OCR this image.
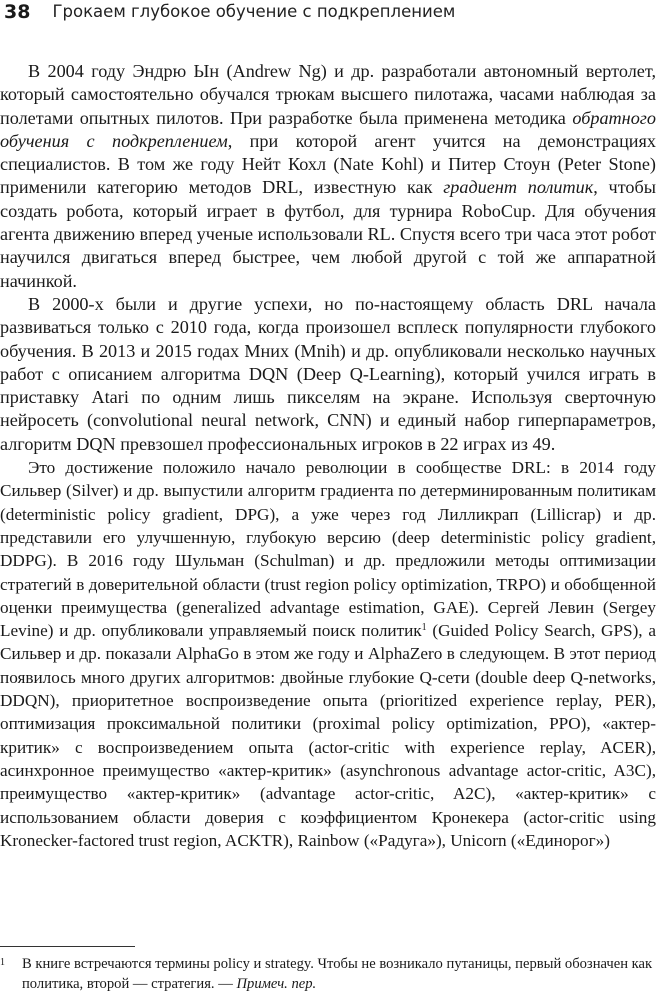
38 Грокаем глубокое обучение с подкреплением

В 2004 году Эндрю Ын (Andrew Ng) и др. разработали автономный вертолет, который самостоятельно обучался трюкам высшего пилотажа, часами наблюдая за полетами опытных пилотов. При разработке была применена методика обратного обучения с подкреплением, при которой агент учится на демонстрациях специалистов. В том же году Нейт Кохл (Nate Kohl) и Питер Стоун (Peter Stone) применили категорию методов DRL, известную как градиент политик, чтобы создать робота, который играет в футбол, для турнира RoboCup. Для обучения агента движению вперед ученые использовали RL. Спустя всего три часа этот робот научился двигаться вперед быстрее, чем любой другой с той же аппаратной начинкой.

В 2000-х были и другие успехи, но по-настоящему область DRL начала развиваться только с 2010 года, когда произошел всплеск популярности глубокого обучения. В 2013 и 2015 годах Мних (Mnih) и др. опубликовали несколько научных работ с описанием алгоритма DQN (Deep Q-Learning), который учился играть в приставку Atari по одним лишь пикселям на экране. Используя сверточную нейросеть (convolutional neural network, CNN) и единый набор гиперпараметров, алгоритм DQN превзошел профессиональных игроков в 22 играх из 49.

Это достижение положило начало революции в сообществе DRL: в 2014 году Сильвер (Silver) и др. выпустили алгоритм градиента по детерминированным политикам (deterministic policy gradient, DPG), а уже через год Лилликрап (Lillicrap) и др. представили его улучшенную, глубокую версию (deep deterministic policy gradient, DDPG). В 2016 году Шульман (Schulman) и др. предложили методы оптимизации стратегий в доверительной области (trust region policy optimization, TRPO) и обобщенной оценки преимущества (generalized advantage estimation, GAE). Сергей Левин (Sergey Levine) и др. опубликовали управляемый поиск политик$^1$ (Guided Policy Search, GPS), а Сильвер и др. показали AlphaGo в этом же году и AlphaZero в следующем. В этот период появилось много других алгоритмов: двойные глубокие Q-сети (double deep Q-networks, DDQN), приоритетное воспроизведение опыта (prioritized experience replay, PER), оптимизация проксимальной политики (proximal policy optimization, PPO), «актер-критик» с воспроизведением опыта (actor-critic with experience replay, ACER), асинхронное преимущество «актер-критик» (asynchronous advantage actor-critic, A3C), преимущество «актер-критик» (advantage actor-critic, A2C), «актер-критик» с использованием области доверия с коэффициентом Кронекера (actor-critic using Kronecker-factored trust region, ACKTR), Rainbow («Радуга»), Unicorn («Единорог»)

1	В книге встречаются термины policy и strategy. Чтобы не возникало путаницы, первый обозначен как политика, второй — стратегия. — Примеч. пер.
